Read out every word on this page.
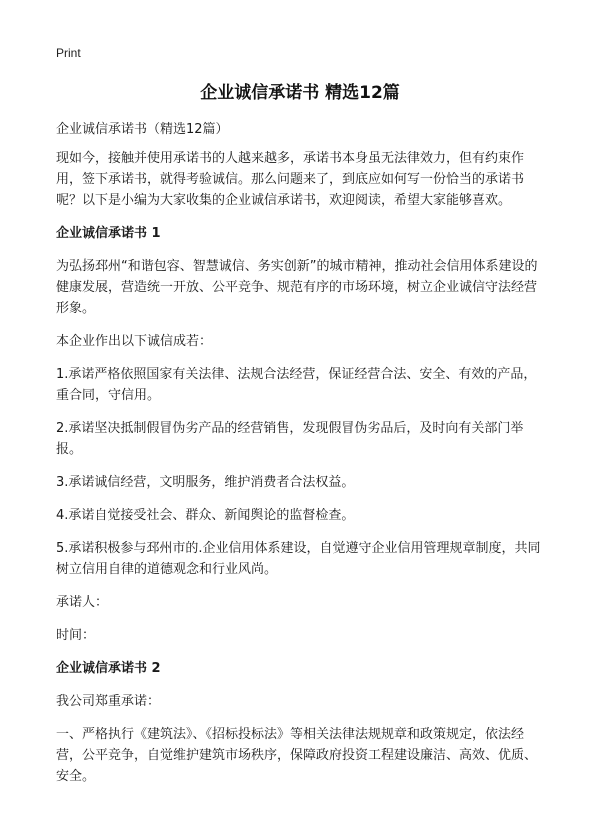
Print
企业诚信承诺书 精选12篇

企业诚信承诺书（精选12篇）

现如今，接触并使用承诺书的人越来越多，承诺书本身虽无法律效力，但有约束作用，签下承诺书，就得考验诚信。那么问题来了，到底应如何写一份恰当的承诺书呢？以下是小编为大家收集的企业诚信承诺书，欢迎阅读，希望大家能够喜欢。

企业诚信承诺书 1

为弘扬邳州“和谐包容、智慧诚信、务实创新”的城市精神，推动社会信用体系建设的健康发展，营造统一开放、公平竞争、规范有序的市场环境，树立企业诚信守法经营形象。

本企业作出以下诚信成若：

1.承诺严格依照国家有关法律、法规合法经营，保证经营合法、安全、有效的产品，重合同，守信用。

2.承诺坚决抵制假冒伪劣产品的经营销售，发现假冒伪劣品后，及时向有关部门举报。

3.承诺诚信经营，文明服务，维护消费者合法权益。

4.承诺自觉接受社会、群众、新闻舆论的监督检查。

5.承诺积极参与邳州市的.企业信用体系建设，自觉遵守企业信用管理规章制度，共同树立信用自律的道德观念和行业风尚。

承诺人：

时间：

企业诚信承诺书 2

我公司郑重承诺：

一、严格执行《建筑法》、《招标投标法》等相关法律法规规章和政策规定，依法经营，公平竞争，自觉维护建筑市场秩序，保障政府投资工程建设廉洁、高效、优质、安全。
